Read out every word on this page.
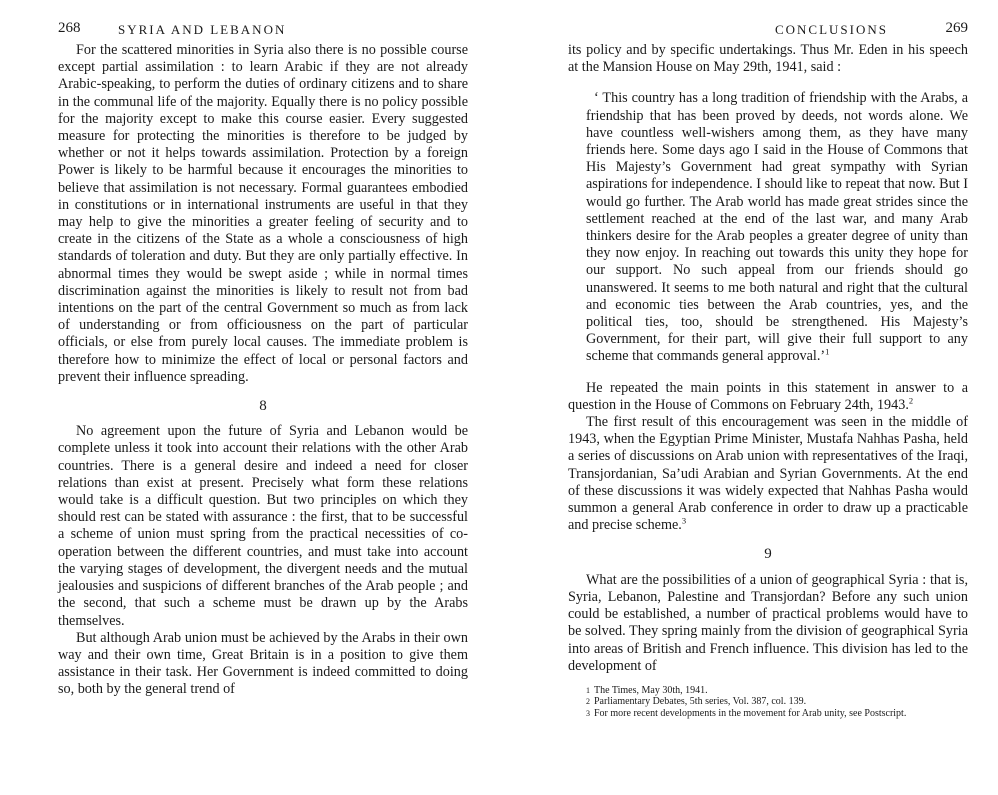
268	SYRIA AND LEBANON

For the scattered minorities in Syria also there is no possible course except partial assimilation : to learn Arabic if they are not already Arabic-speaking, to perform the duties of ordinary citizens and to share in the communal life of the majority. Equally there is no policy possible for the majority except to make this course easier. Every suggested measure for protecting the minorities is therefore to be judged by whether or not it helps towards assimilation. Protection by a foreign Power is likely to be harmful because it encourages the minorities to believe that assimilation is not necessary. Formal guarantees embodied in constitutions or in international instruments are useful in that they may help to give the minorities a greater feeling of security and to create in the citizens of the State as a whole a consciousness of high standards of toleration and duty. But they are only partially effective. In abnormal times they would be swept aside ; while in normal times discrimination against the minorities is likely to result not from bad intentions on the part of the central Government so much as from lack of understanding or from officiousness on the part of particular officials, or else from purely local causes. The immediate problem is therefore how to minimize the effect of local or personal factors and prevent their influence spreading.

8

No agreement upon the future of Syria and Lebanon would be complete unless it took into account their relations with the other Arab countries. There is a general desire and indeed a need for closer relations than exist at present. Precisely what form these relations would take is a difficult question. But two principles on which they should rest can be stated with assurance : the first, that to be successful a scheme of union must spring from the practical necessities of co-operation between the different countries, and must take into account the varying stages of development, the divergent needs and the mutual jealousies and suspicions of different branches of the Arab people ; and the second, that such a scheme must be drawn up by the Arabs themselves.

But although Arab union must be achieved by the Arabs in their own way and their own time, Great Britain is in a position to give them assistance in their task. Her Government is indeed committed to doing so, both by the general trend of

CONCLUSIONS	269

its policy and by specific undertakings. Thus Mr. Eden in his speech at the Mansion House on May 29th, 1941, said :

‘ This country has a long tradition of friendship with the Arabs, a friendship that has been proved by deeds, not words alone. We have countless well-wishers among them, as they have many friends here. Some days ago I said in the House of Commons that His Majesty’s Government had great sympathy with Syrian aspirations for independence. I should like to repeat that now. But I would go further. The Arab world has made great strides since the settlement reached at the end of the last war, and many Arab thinkers desire for the Arab peoples a greater degree of unity than they now enjoy. In reaching out towards this unity they hope for our support. No such appeal from our friends should go unanswered. It seems to me both natural and right that the cultural and economic ties between the Arab countries, yes, and the political ties, too, should be strengthened. His Majesty’s Government, for their part, will give their full support to any scheme that commands general approval.’$^1$

He repeated the main points in this statement in answer to a question in the House of Commons on February 24th, 1943.$^2$

The first result of this encouragement was seen in the middle of 1943, when the Egyptian Prime Minister, Mustafa Nahhas Pasha, held a series of discussions on Arab union with representatives of the Iraqi, Transjordanian, Sa’udi Arabian and Syrian Governments. At the end of these discussions it was widely expected that Nahhas Pasha would summon a general Arab conference in order to draw up a practicable and precise scheme.$^3$

9

What are the possibilities of a union of geographical Syria : that is, Syria, Lebanon, Palestine and Transjordan? Before any such union could be established, a number of practical problems would have to be solved. They spring mainly from the division of geographical Syria into areas of British and French influence. This division has led to the development of

$^1$ The Times, May 30th, 1941.
$^2$ Parliamentary Debates, 5th series, Vol. 387, col. 139.
$^3$ For more recent developments in the movement for Arab unity, see Postscript.
